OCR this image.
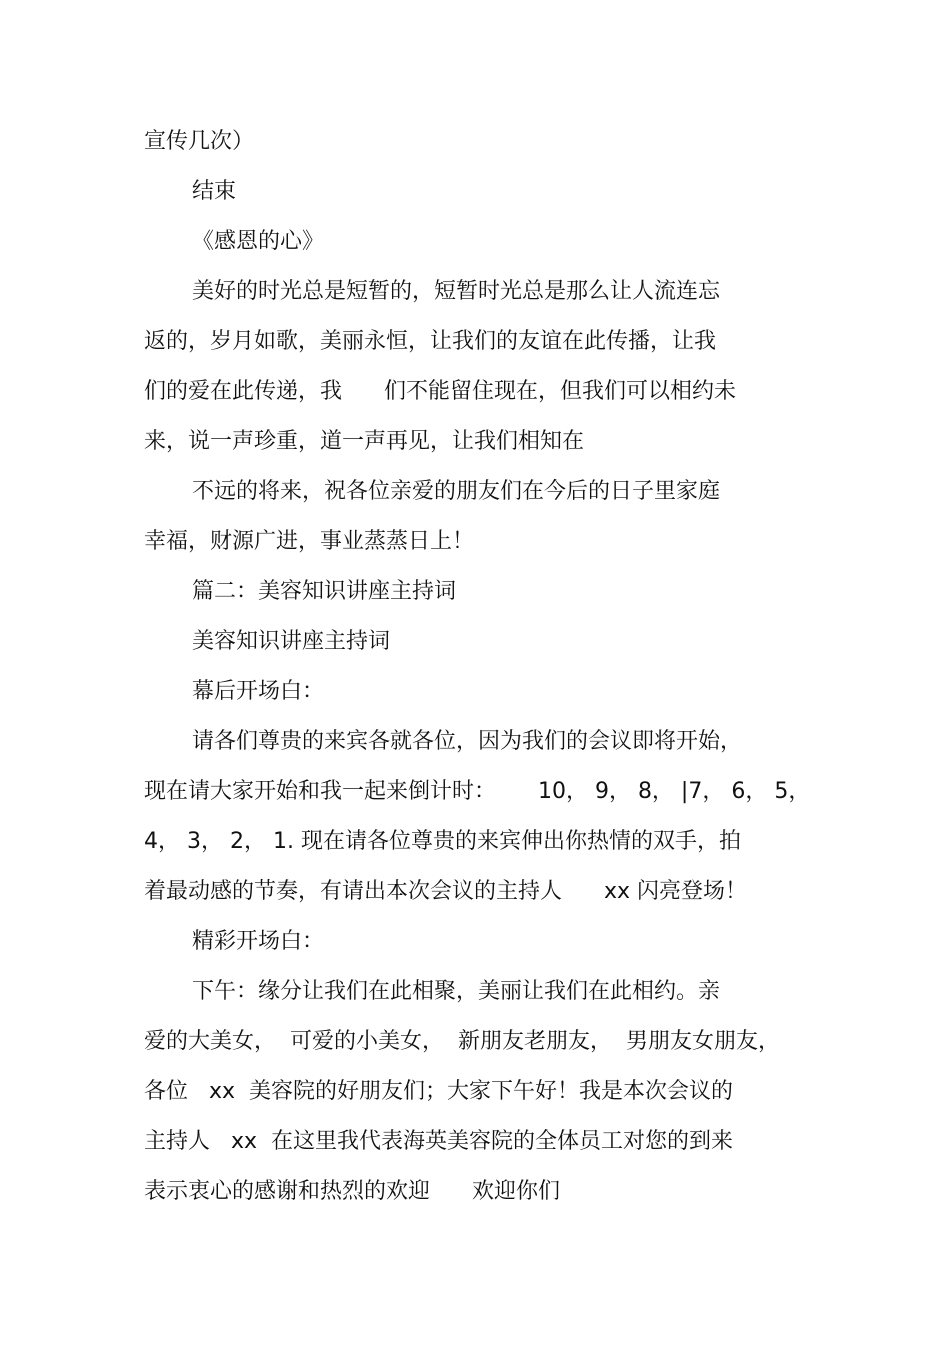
宣传几次）
结束
《感恩的心》
美好的时光总是短暂的，短暂时光总是那么让人流连忘
返的，岁月如歌，美丽永恒，让我们的友谊在此传播，让我
们的爱在此传递，我      们不能留住现在，但我们可以相约未
来，说一声珍重，道一声再见，让我们相知在
不远的将来，祝各位亲爱的朋友们在今后的日子里家庭
幸福，财源广进，事业蒸蒸日上！
篇二：美容知识讲座主持词
美容知识讲座主持词
幕后开场白：
请各们尊贵的来宾各就各位，因为我们的会议即将开始，
现在请大家开始和我一起来倒计时：      10， 9， 8， |7， 6， 5，
4， 3， 2， 1. 现在请各位尊贵的来宾伸出你热情的双手，拍
着最动感的节奏，有请出本次会议的主持人      xx 闪亮登场！
精彩开场白：
下午：缘分让我们在此相聚，美丽让我们在此相约。亲
爱的大美女，  可爱的小美女，  新朋友老朋友，  男朋友女朋友，
各位   xx  美容院的好朋友们；大家下午好！我是本次会议的
主持人   xx  在这里我代表海英美容院的全体员工对您的到来
表示衷心的感谢和热烈的欢迎      欢迎你们
